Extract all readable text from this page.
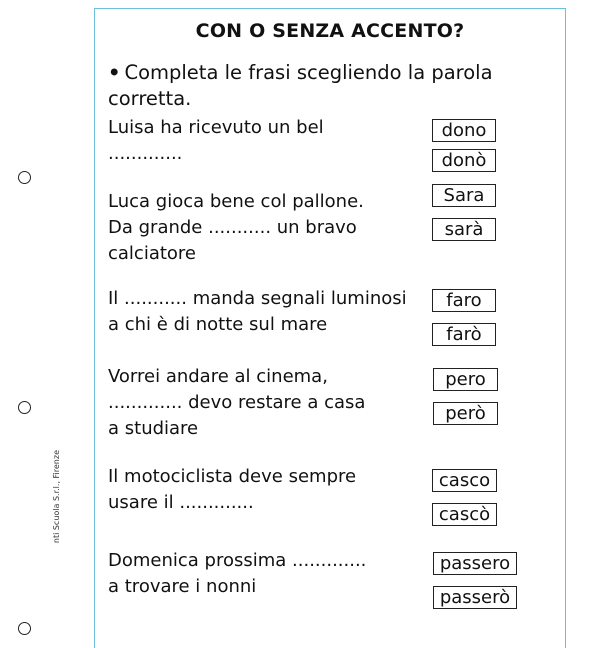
CON O SENZA ACCENTO?
• Completa le frasi scegliendo la parola corretta.
Luisa ha ricevuto un bel
.............
dono
donò
Luca gioca bene col pallone.
Da grande ........... un bravo
calciatore
Sara
sarà
Il ........... manda segnali luminosi
a chi è di notte sul mare
faro
farò
Vorrei andare al cinema,
............. devo restare a casa
a studiare
pero
però
Il motociclista deve sempre
usare il .............
casco
cascò
Domenica prossima .............
a trovare i nonni
passero
passerò
nti Scuola S.r.l., Firenze
